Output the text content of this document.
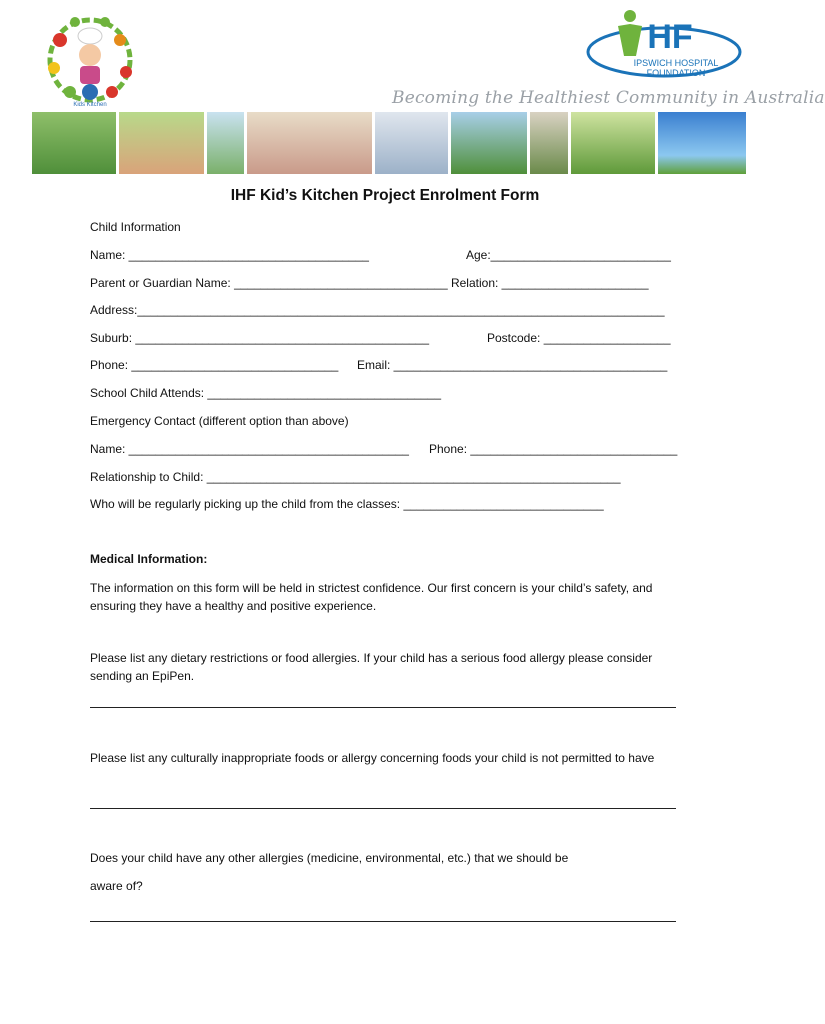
Kids Kitchen
HF
IPSWICH HOSPITAL
FOUNDATION
Becoming the Healthiest Community in Australia
IHF Kid’s Kitchen Project Enrolment Form
Child Information
Name: ____________________________________	Age:___________________________
Parent or Guardian Name: ________________________________ Relation: ______________________
Address:_______________________________________________________________________________
Suburb: ____________________________________________	Postcode: ___________________
Phone: _______________________________ Email: _________________________________________
School Child Attends: ___________________________________
Emergency Contact (different option than above)
Name: __________________________________________ Phone: _______________________________
Relationship to Child: ______________________________________________________________
Who will be regularly picking up the child from the classes: ______________________________
Medical Information:
The information on this form will be held in strictest confidence. Our first concern is your child’s safety, and ensuring they have a healthy and positive experience.
Please list any dietary restrictions or food allergies. If your child has a serious food allergy please consider sending an EpiPen.
Please list any culturally inappropriate foods or allergy concerning foods your child is not permitted to have
Does your child have any other allergies (medicine, environmental, etc.) that we should be
aware of?
